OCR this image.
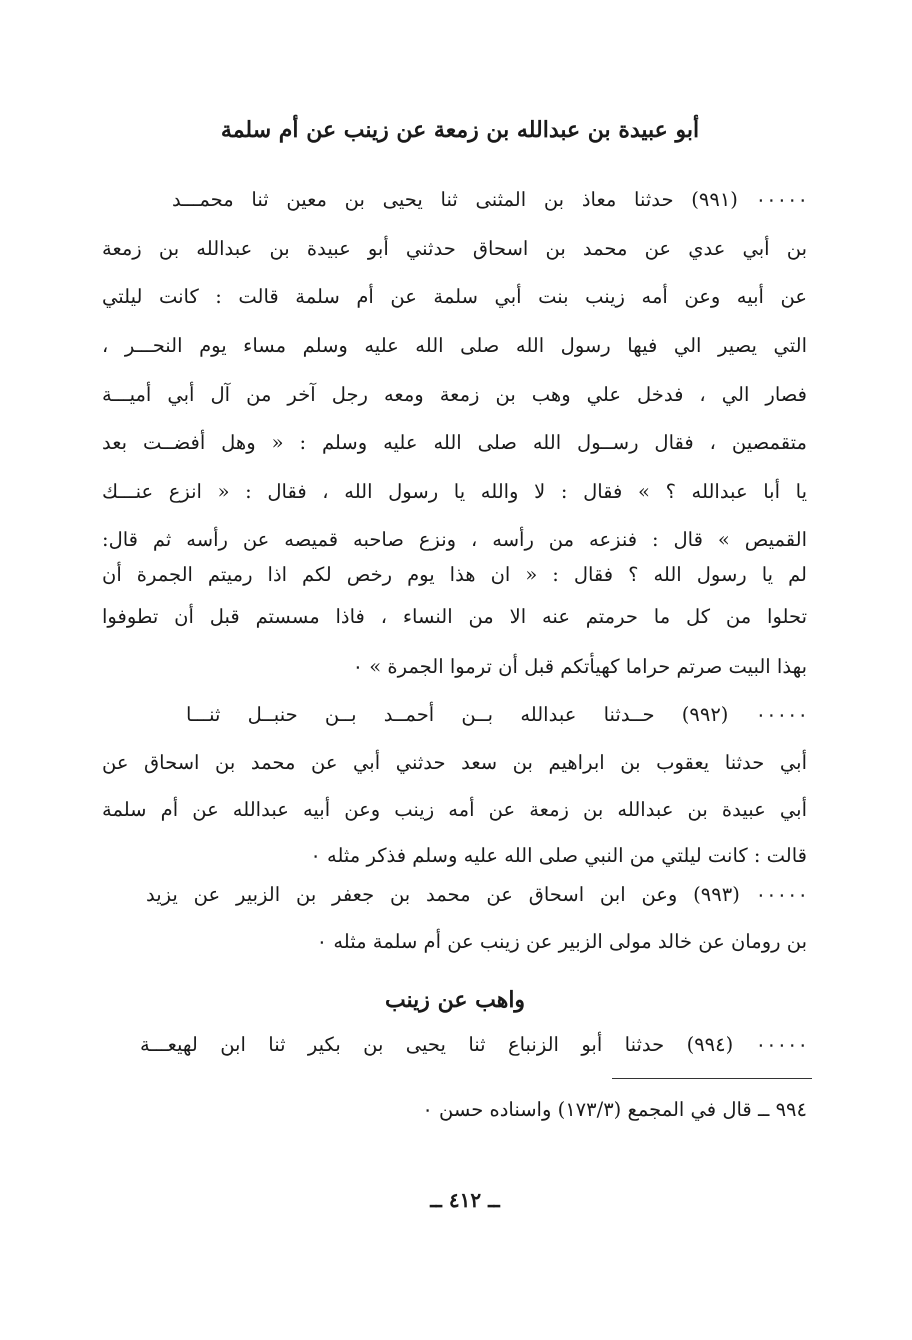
أبو عبيدة بن عبدالله بن زمعة عن زينب عن أم سلمة
٠٠٠٠٠ (٩٩١) حدثنا معاذ بن المثنى ثنا يحيى بن معين ثنا محمـــد
بن أبي عدي عن محمد بن اسحاق حدثني أبو عبيدة بن عبدالله بن زمعة
عن أبيه وعن أمه زينب بنت أبي سلمة عن أم سلمة قالت : كانت ليلتي
التي يصير الي فيها رسول الله صلى الله عليه وسلم مساء يوم النحـــر ،
فصار الي ، فدخل علي وهب بن زمعة ومعه رجل آخر من آل أبي أميـــة
متقمصين ، فقال رســول الله صلى الله عليه وسلم : « وهل أفضــت بعد
يا أبا عبدالله ؟ » فقال : لا والله يا رسول الله ، فقال : « انزع عنـــك
القميص » قال : فنزعه من رأسه ، ونزع صاحبه قميصه عن رأسه ثم قال:
لم يا رسول الله ؟ فقال : « ان هذا يوم رخص لكم اذا رميتم الجمرة أن
تحلوا من كل ما حرمتم عنه الا من النساء ، فاذا مسستم قبل أن تطوفوا
بهذا البيت صرتم حراما كهيأتكم قبل أن ترموا الجمرة » ٠
٠٠٠٠٠ (٩٩٢) حــدثنا عبدالله بــن أحمــد بــن حنبــل ثنـــا
أبي حدثنا يعقوب بن ابراهيم بن سعد حدثني أبي عن محمد بن اسحاق عن
أبي عبيدة بن عبدالله بن زمعة عن أمه زينب وعن أبيه عبدالله عن أم سلمة
قالت : كانت ليلتي من النبي صلى الله عليه وسلم فذكر مثله ٠
٠٠٠٠٠ (٩٩٣) وعن ابن اسحاق عن محمد بن جعفر بن الزبير عن يزيد
بن رومان عن خالد مولى الزبير عن زينب عن أم سلمة مثله ٠
واهب عن زينب
٠٠٠٠٠ (٩٩٤) حدثنا أبو الزنباع ثنا يحيى بن بكير ثنا ابن لهيعـــة
٩٩٤ ــ قال في المجمع (١٧٣/٣) واسناده حسن ٠
ــ ٤١٢ ــ
